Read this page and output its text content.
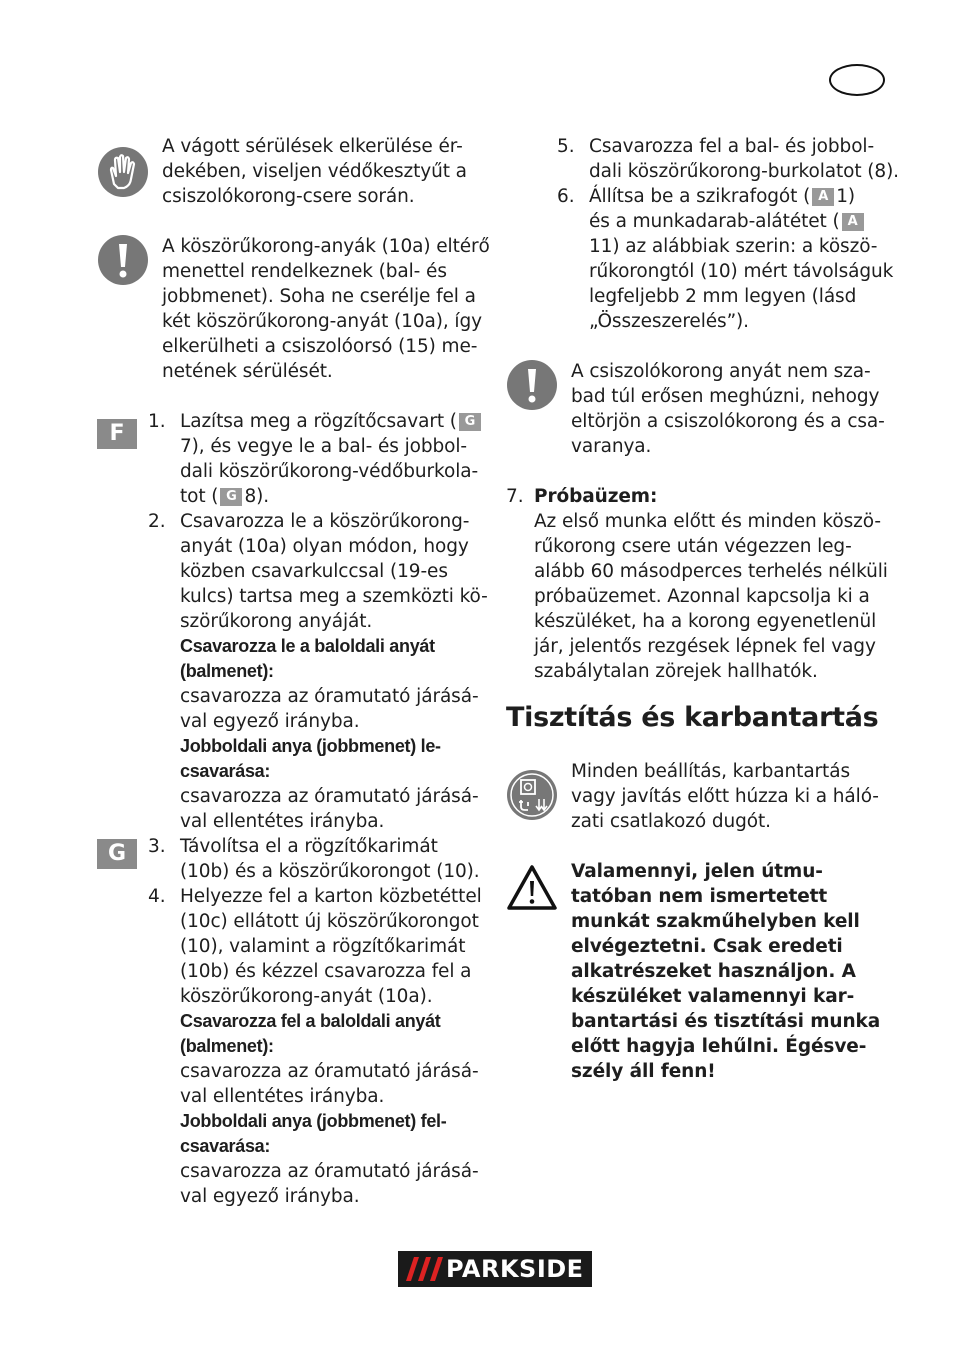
A vágott sérülések elkerülése ér-
dekében, viseljen védőkesztyűt a
csiszolókorong-csere során.
A köszörűkorong-anyák (10a) eltérő
menettel rendelkeznek (bal- és
jobbmenet). Soha ne cserélje fel a
két köszörűkorong-anyát (10a), így
elkerülheti a csiszolóorsó (15) me-
netének sérülését.
F	1. Lazítsa meg a rögzítőcsavart ( G
7), és vegye le a bal- és jobbol-
dali köszörűkorong-védőburkola-
tot ( G 8).
2. Csavarozza le a köszörűkorong-
anyát (10a) olyan módon, hogy
közben csavarkulccsal (19-es
kulcs) tartsa meg a szemközti kö-
szörűkorong anyáját.
Csavarozza le a baloldali anyát
(balmenet):
csavarozza az óramutató járásá-
val egyező irányba.
Jobboldali anya (jobbmenet) le-
csavarása:
csavarozza az óramutató járásá-
val ellentétes irányba.
G	3. Távolítsa el a rögzítőkarimát
(10b) és a köszörűkorongot (10).
4. Helyezze fel a karton közbetéttel
(10c) ellátott új köszörűkorongot
(10), valamint a rögzítőkarimát
(10b) és kézzel csavarozza fel a
köszörűkorong-anyát (10a).
Csavarozza fel a baloldali anyát
(balmenet):
csavarozza az óramutató járásá-
val ellentétes irányba.
Jobboldali anya (jobbmenet) fel-
csavarása:
csavarozza az óramutató járásá-
val egyező irányba.
5. Csavarozza fel a bal- és jobbol-
dali köszörűkorong-burkolatot (8).
6. Állítsa be a szikrafogót ( A 1)
és a munkadarab-alátétet ( A
11) az alábbiak szerin: a köszö-
rűkorongtól (10) mért távolságuk
legfeljebb 2 mm legyen (lásd
„Összeszerelés”).
A csiszolókorong anyát nem sza-
bad túl erősen meghúzni, nehogy
eltörjön a csiszolókorong és a csa-
varanya.
7. Próbaüzem:
Az első munka előtt és minden köszö-
rűkorong csere után végezzen leg-
alább 60 másodperces terhelés nélküli
próbaüzemet. Azonnal kapcsolja ki a
készüléket, ha a korong egyenetlenül
jár, jelentős rezgések lépnek fel vagy
szabálytalan zörejek hallhatók.
Tisztítás és karbantartás
Minden beállítás, karbantartás
vagy javítás előtt húzza ki a háló-
zati csatlakozó dugót.
Valamennyi, jelen útmu-
tatóban nem ismertetett
munkát szakműhelyben kell
elvégeztetni. Csak eredeti
alkatrészeket használjon. A
készüléket valamennyi kar-
bantartási és tisztítási munka
előtt hagyja lehűlni. Égésve-
szély áll fenn!
PARKSIDE
